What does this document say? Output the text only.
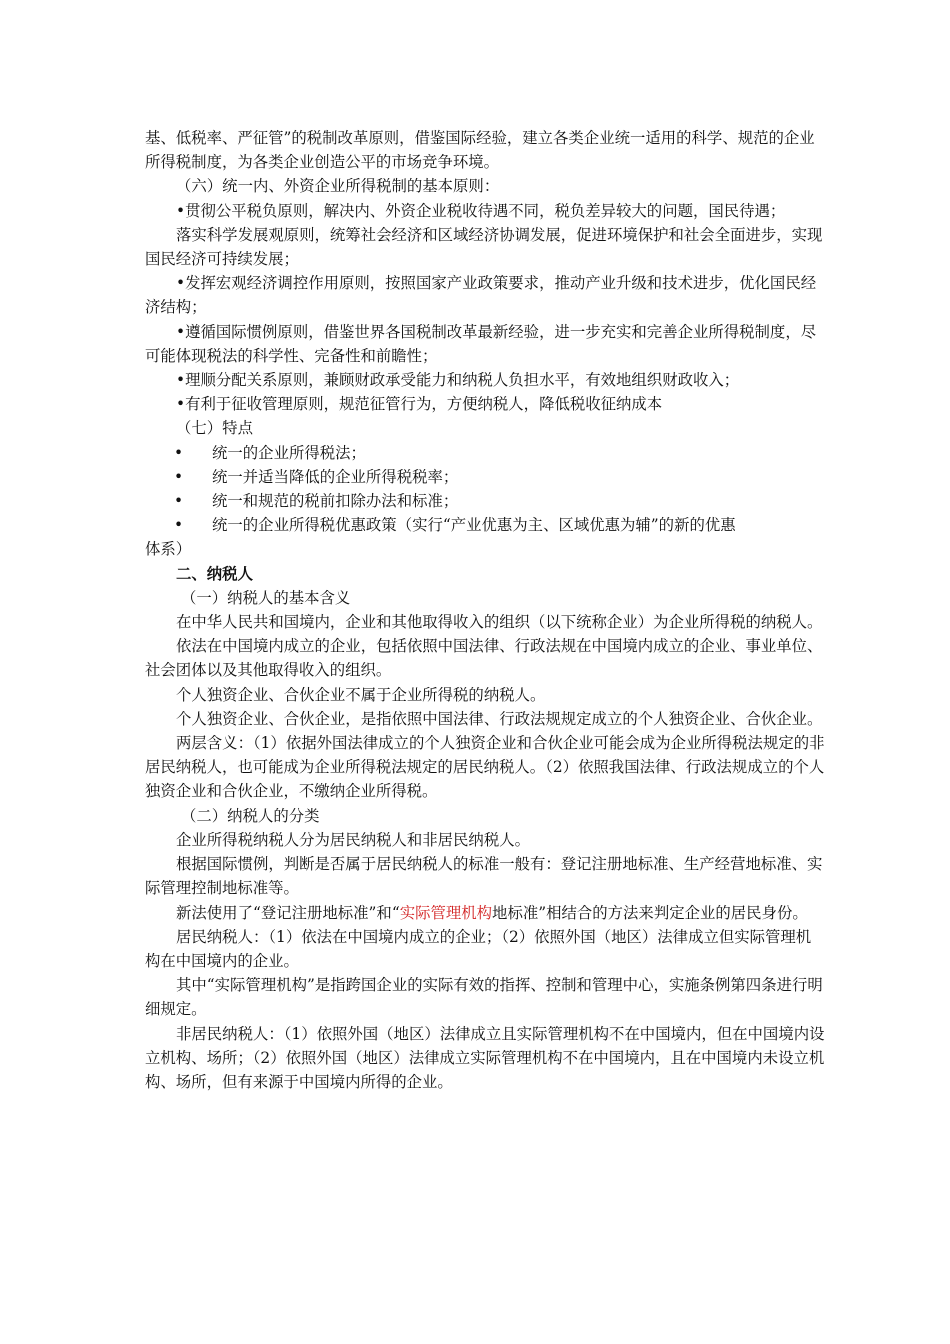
基、低税率、严征管”的税制改革原则，借鉴国际经验，建立各类企业统一适用的科学、规范的企业所得税制度，为各类企业创造公平的市场竞争环境。

（六）统一内、外资企业所得税制的基本原则：

•贯彻公平税负原则，解决内、外资企业税收待遇不同，税负差异较大的问题，国民待遇；

落实科学发展观原则，统筹社会经济和区域经济协调发展，促进环境保护和社会全面进步，实现国民经济可持续发展；

•发挥宏观经济调控作用原则，按照国家产业政策要求，推动产业升级和技术进步，优化国民经济结构；

•遵循国际惯例原则，借鉴世界各国税制改革最新经验，进一步充实和完善企业所得税制度，尽可能体现税法的科学性、完备性和前瞻性；

•理顺分配关系原则，兼顾财政承受能力和纳税人负担水平，有效地组织财政收入；

•有利于征收管理原则，规范征管行为，方便纳税人，降低税收征纳成本

（七）特点

•	统一的企业所得税法；
•	统一并适当降低的企业所得税税率；
•	统一和规范的税前扣除办法和标准；
•	统一的企业所得税优惠政策（实行“产业优惠为主、区域优惠为辅”的新的优惠

体系）

二、纳税人

（一）纳税人的基本含义

在中华人民共和国境内，企业和其他取得收入的组织（以下统称企业）为企业所得税的纳税人。

依法在中国境内成立的企业，包括依照中国法律、行政法规在中国境内成立的企业、事业单位、社会团体以及其他取得收入的组织。

个人独资企业、合伙企业不属于企业所得税的纳税人。

个人独资企业、合伙企业，是指依照中国法律、行政法规规定成立的个人独资企业、合伙企业。

两层含义：（1）依据外国法律成立的个人独资企业和合伙企业可能会成为企业所得税法规定的非居民纳税人，也可能成为企业所得税法规定的居民纳税人。（2）依照我国法律、行政法规成立的个人独资企业和合伙企业，不缴纳企业所得税。

（二）纳税人的分类

企业所得税纳税人分为居民纳税人和非居民纳税人。

根据国际惯例，判断是否属于居民纳税人的标准一般有：登记注册地标准、生产经营地标准、实际管理控制地标准等。

新法使用了“登记注册地标准”和“实际管理机构地标准”相结合的方法来判定企业的居民身份。

居民纳税人：（1）依法在中国境内成立的企业；（2）依照外国（地区）法律成立但实际管理机构在中国境内的企业。

其中“实际管理机构”是指跨国企业的实际有效的指挥、控制和管理中心，实施条例第四条进行明细规定。

非居民纳税人：（1）依照外国（地区）法律成立且实际管理机构不在中国境内，但在中国境内设立机构、场所；（2）依照外国（地区）法律成立实际管理机构不在中国境内，且在中国境内未设立机构、场所，但有来源于中国境内所得的企业。
